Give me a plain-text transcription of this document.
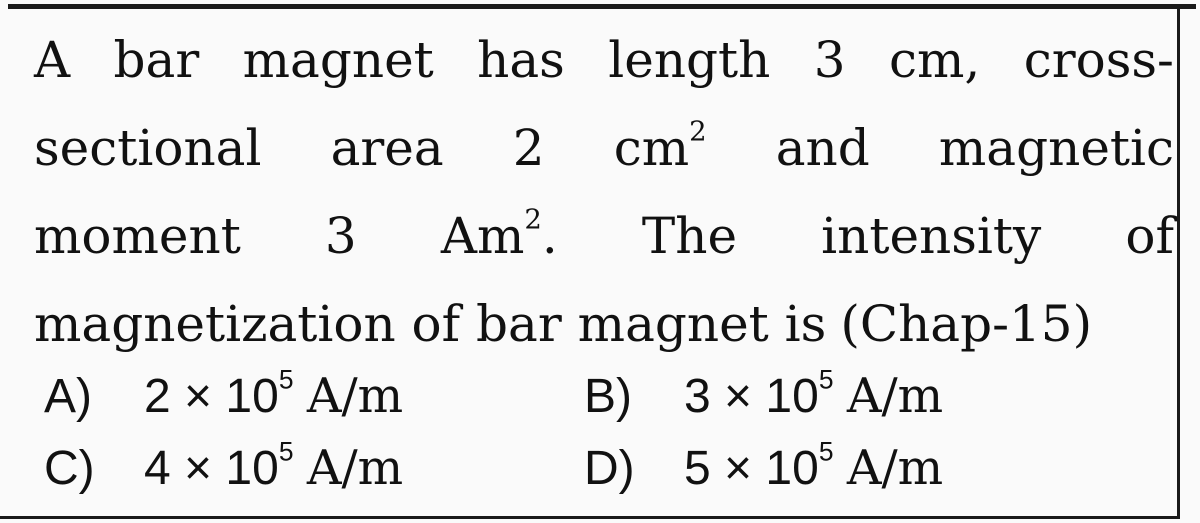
A bar magnet has length 3 cm, cross-
sectional area 2 $cm^2$ and magnetic
moment 3 Am$^2$. The intensity of
magnetization of bar magnet is (Chap-15)
A)	$2 \times 10^5$ A/m	B)	$3 \times 10^5$ A/m
C)	$4 \times 10^5$ A/m	D)	$5 \times 10^5$ A/m
